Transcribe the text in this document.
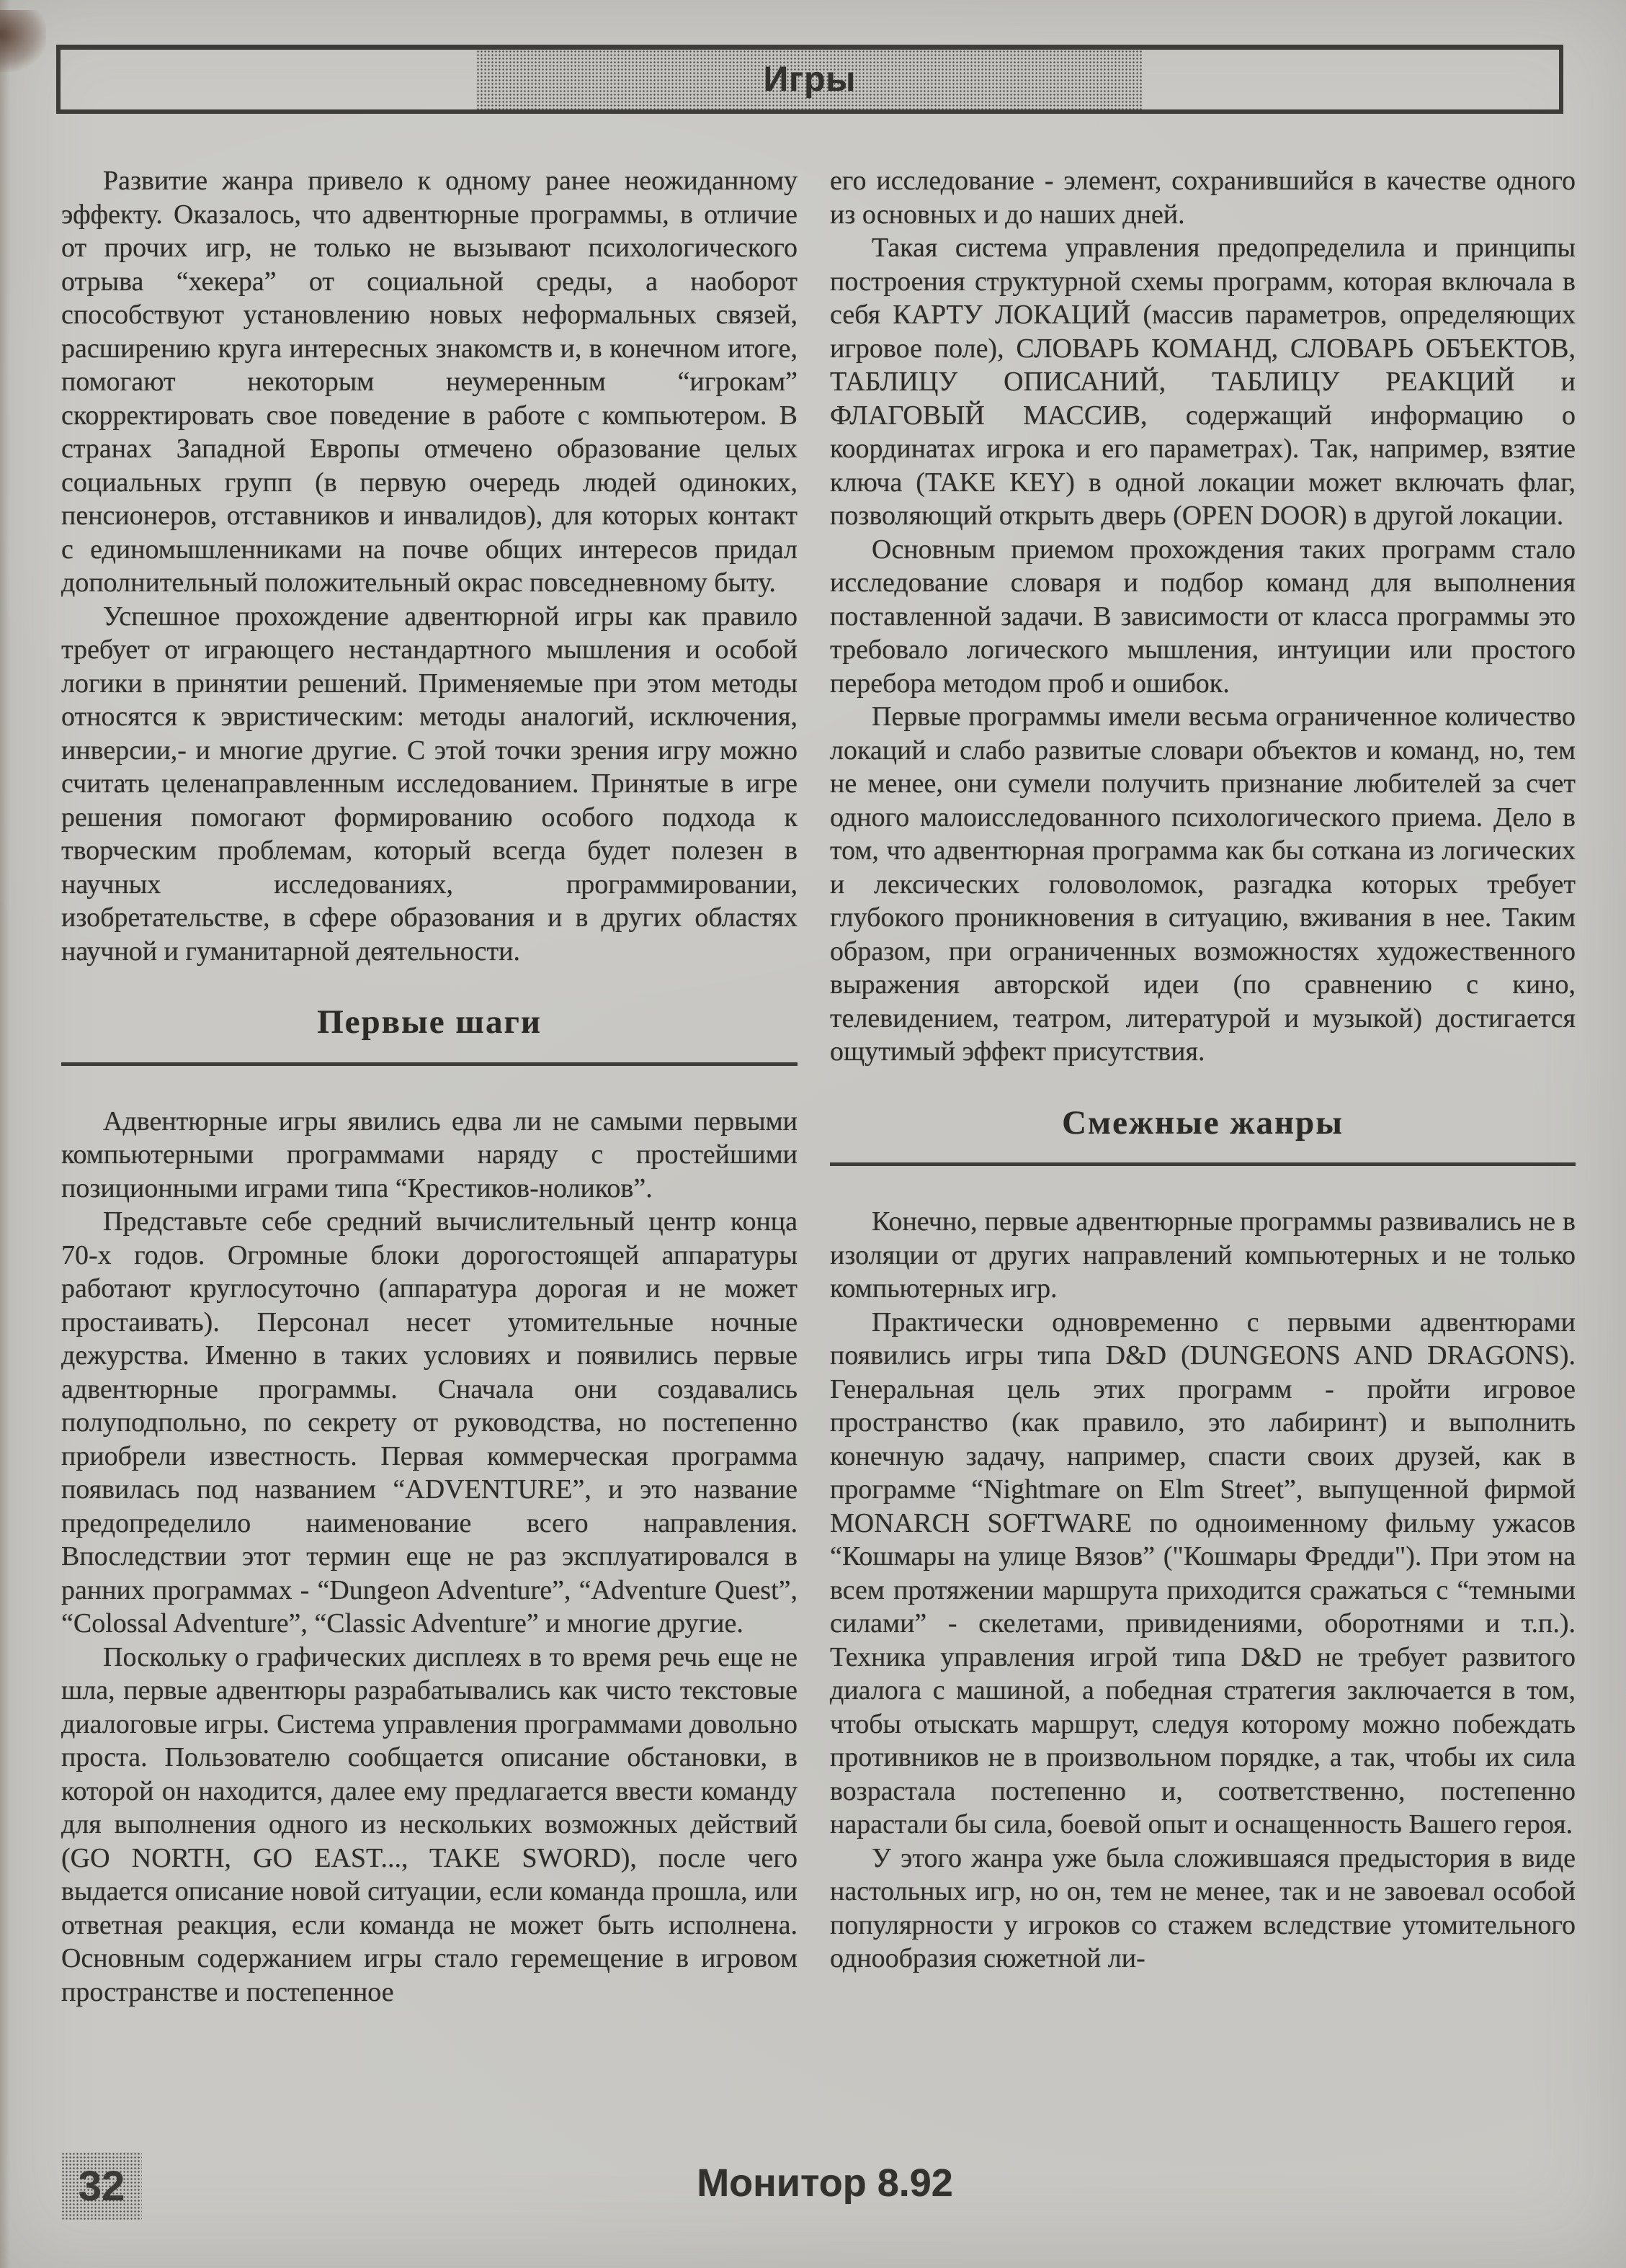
Игры

Развитие жанра привело к одному ранее неожиданному эффекту. Оказалось, что адвентюрные программы, в отличие от прочих игр, не только не вызывают психологического отрыва “хекера” от социальной среды, а наоборот способствуют установлению новых неформальных связей, расширению круга интересных знакомств и, в конечном итоге, помогают некоторым неумеренным “игрокам” скорректировать свое поведение в работе с компьютером. В странах Западной Европы отмечено образование целых социальных групп (в первую очередь людей одиноких, пенсионеров, отставников и инвалидов), для которых контакт с единомышленниками на почве общих интересов придал дополнительный положительный окрас повседневному быту.

Успешное прохождение адвентюрной игры как правило требует от играющего нестандартного мышления и особой логики в принятии решений. Применяемые при этом методы относятся к эвристическим: методы аналогий, исключения, инверсии,- и многие другие. С этой точки зрения игру можно считать целенаправленным исследованием. Принятые в игре решения помогают формированию особого подхода к творческим проблемам, который всегда будет полезен в научных исследованиях, программировании, изобретательстве, в сфере образования и в других областях научной и гуманитарной деятельности.

Первые шаги

Адвентюрные игры явились едва ли не самыми первыми компьютерными программами наряду с простейшими позиционными играми типа “Крестиков-ноликов”.

Представьте себе средний вычислительный центр конца 70-х годов. Огромные блоки дорогостоящей аппаратуры работают круглосуточно (аппаратура дорогая и не может простаивать). Персонал несет утомительные ночные дежурства. Именно в таких условиях и появились первые адвентюрные программы. Сначала они создавались полуподпольно, по секрету от руководства, но постепенно приобрели известность. Первая коммерческая программа появилась под названием “ADVENTURE”, и это название предопределило наименование всего направления. Впоследствии этот термин еще не раз эксплуатировался в ранних программах - “Dungeon Adventure”, “Adventure Quest”, “Colossal Adventure”, “Classic Adventure” и многие другие.

Поскольку о графических дисплеях в то время речь еще не шла, первые адвентюры разрабатывались как чисто текстовые диалоговые игры. Система управления программами довольно проста. Пользователю сообщается описание обстановки, в которой он находится, далее ему предлагается ввести команду для выполнения одного из нескольких возможных действий (GO NORTH, GO EAST..., TAKE SWORD), после чего выдается описание новой ситуации, если команда прошла, или ответная реакция, если команда не может быть исполнена. Основным содержанием игры стало геремещение в игровом пространстве и постепенное

его исследование - элемент, сохранившийся в качестве одного из основных и до наших дней.

Такая система управления предопределила и принципы построения структурной схемы программ, которая включала в себя КАРТУ ЛОКАЦИЙ (массив параметров, определяющих игровое поле), СЛОВАРЬ КОМАНД, СЛОВАРЬ ОБЪЕКТОВ, ТАБЛИЦУ ОПИСАНИЙ, ТАБЛИЦУ РЕАКЦИЙ и ФЛАГОВЫЙ МАССИВ, содержащий информацию о координатах игрока и его параметрах). Так, например, взятие ключа (TAKE KEY) в одной локации может включать флаг, позволяющий открыть дверь (OPEN DOOR) в другой локации.

Основным приемом прохождения таких программ стало исследование словаря и подбор команд для выполнения поставленной задачи. В зависимости от класса программы это требовало логического мышления, интуиции или простого перебора методом проб и ошибок.

Первые программы имели весьма ограниченное количество локаций и слабо развитые словари объектов и команд, но, тем не менее, они сумели получить признание любителей за счет одного малоисследованного психологического приема. Дело в том, что адвентюрная программа как бы соткана из логических и лексических головоломок, разгадка которых требует глубокого проникновения в ситуацию, вживания в нее. Таким образом, при ограниченных возможностях художественного выражения авторской идеи (по сравнению с кино, телевидением, театром, литературой и музыкой) достигается ощутимый эффект присутствия.

Смежные жанры

Конечно, первые адвентюрные программы развивались не в изоляции от других направлений компьютерных и не только компьютерных игр.

Практически одновременно с первыми адвентюрами появились игры типа D&D (DUNGEONS AND DRAGONS). Генеральная цель этих программ - пройти игровое пространство (как правило, это лабиринт) и выполнить конечную задачу, например, спасти своих друзей, как в программе “Nightmare on Elm Street”, выпущенной фирмой MONARCH SOFTWARE по одноименному фильму ужасов “Кошмары на улице Вязов” ("Кошмары Фредди"). При этом на всем протяжении маршрута приходится сражаться с “темными силами” - скелетами, привидениями, оборотнями и т.п.). Техника управления игрой типа D&D не требует развитого диалога с машиной, а победная стратегия заключается в том, чтобы отыскать маршрут, следуя которому можно побеждать противников не в произвольном порядке, а так, чтобы их сила возрастала постепенно и, соответственно, постепенно нарастали бы сила, боевой опыт и оснащенность Вашего героя.

У этого жанра уже была сложившаяся предыстория в виде настольных игр, но он, тем не менее, так и не завоевал особой популярности у игроков со стажем вследствие утомительного однообразия сюжетной ли-

32	Монитор 8.92
